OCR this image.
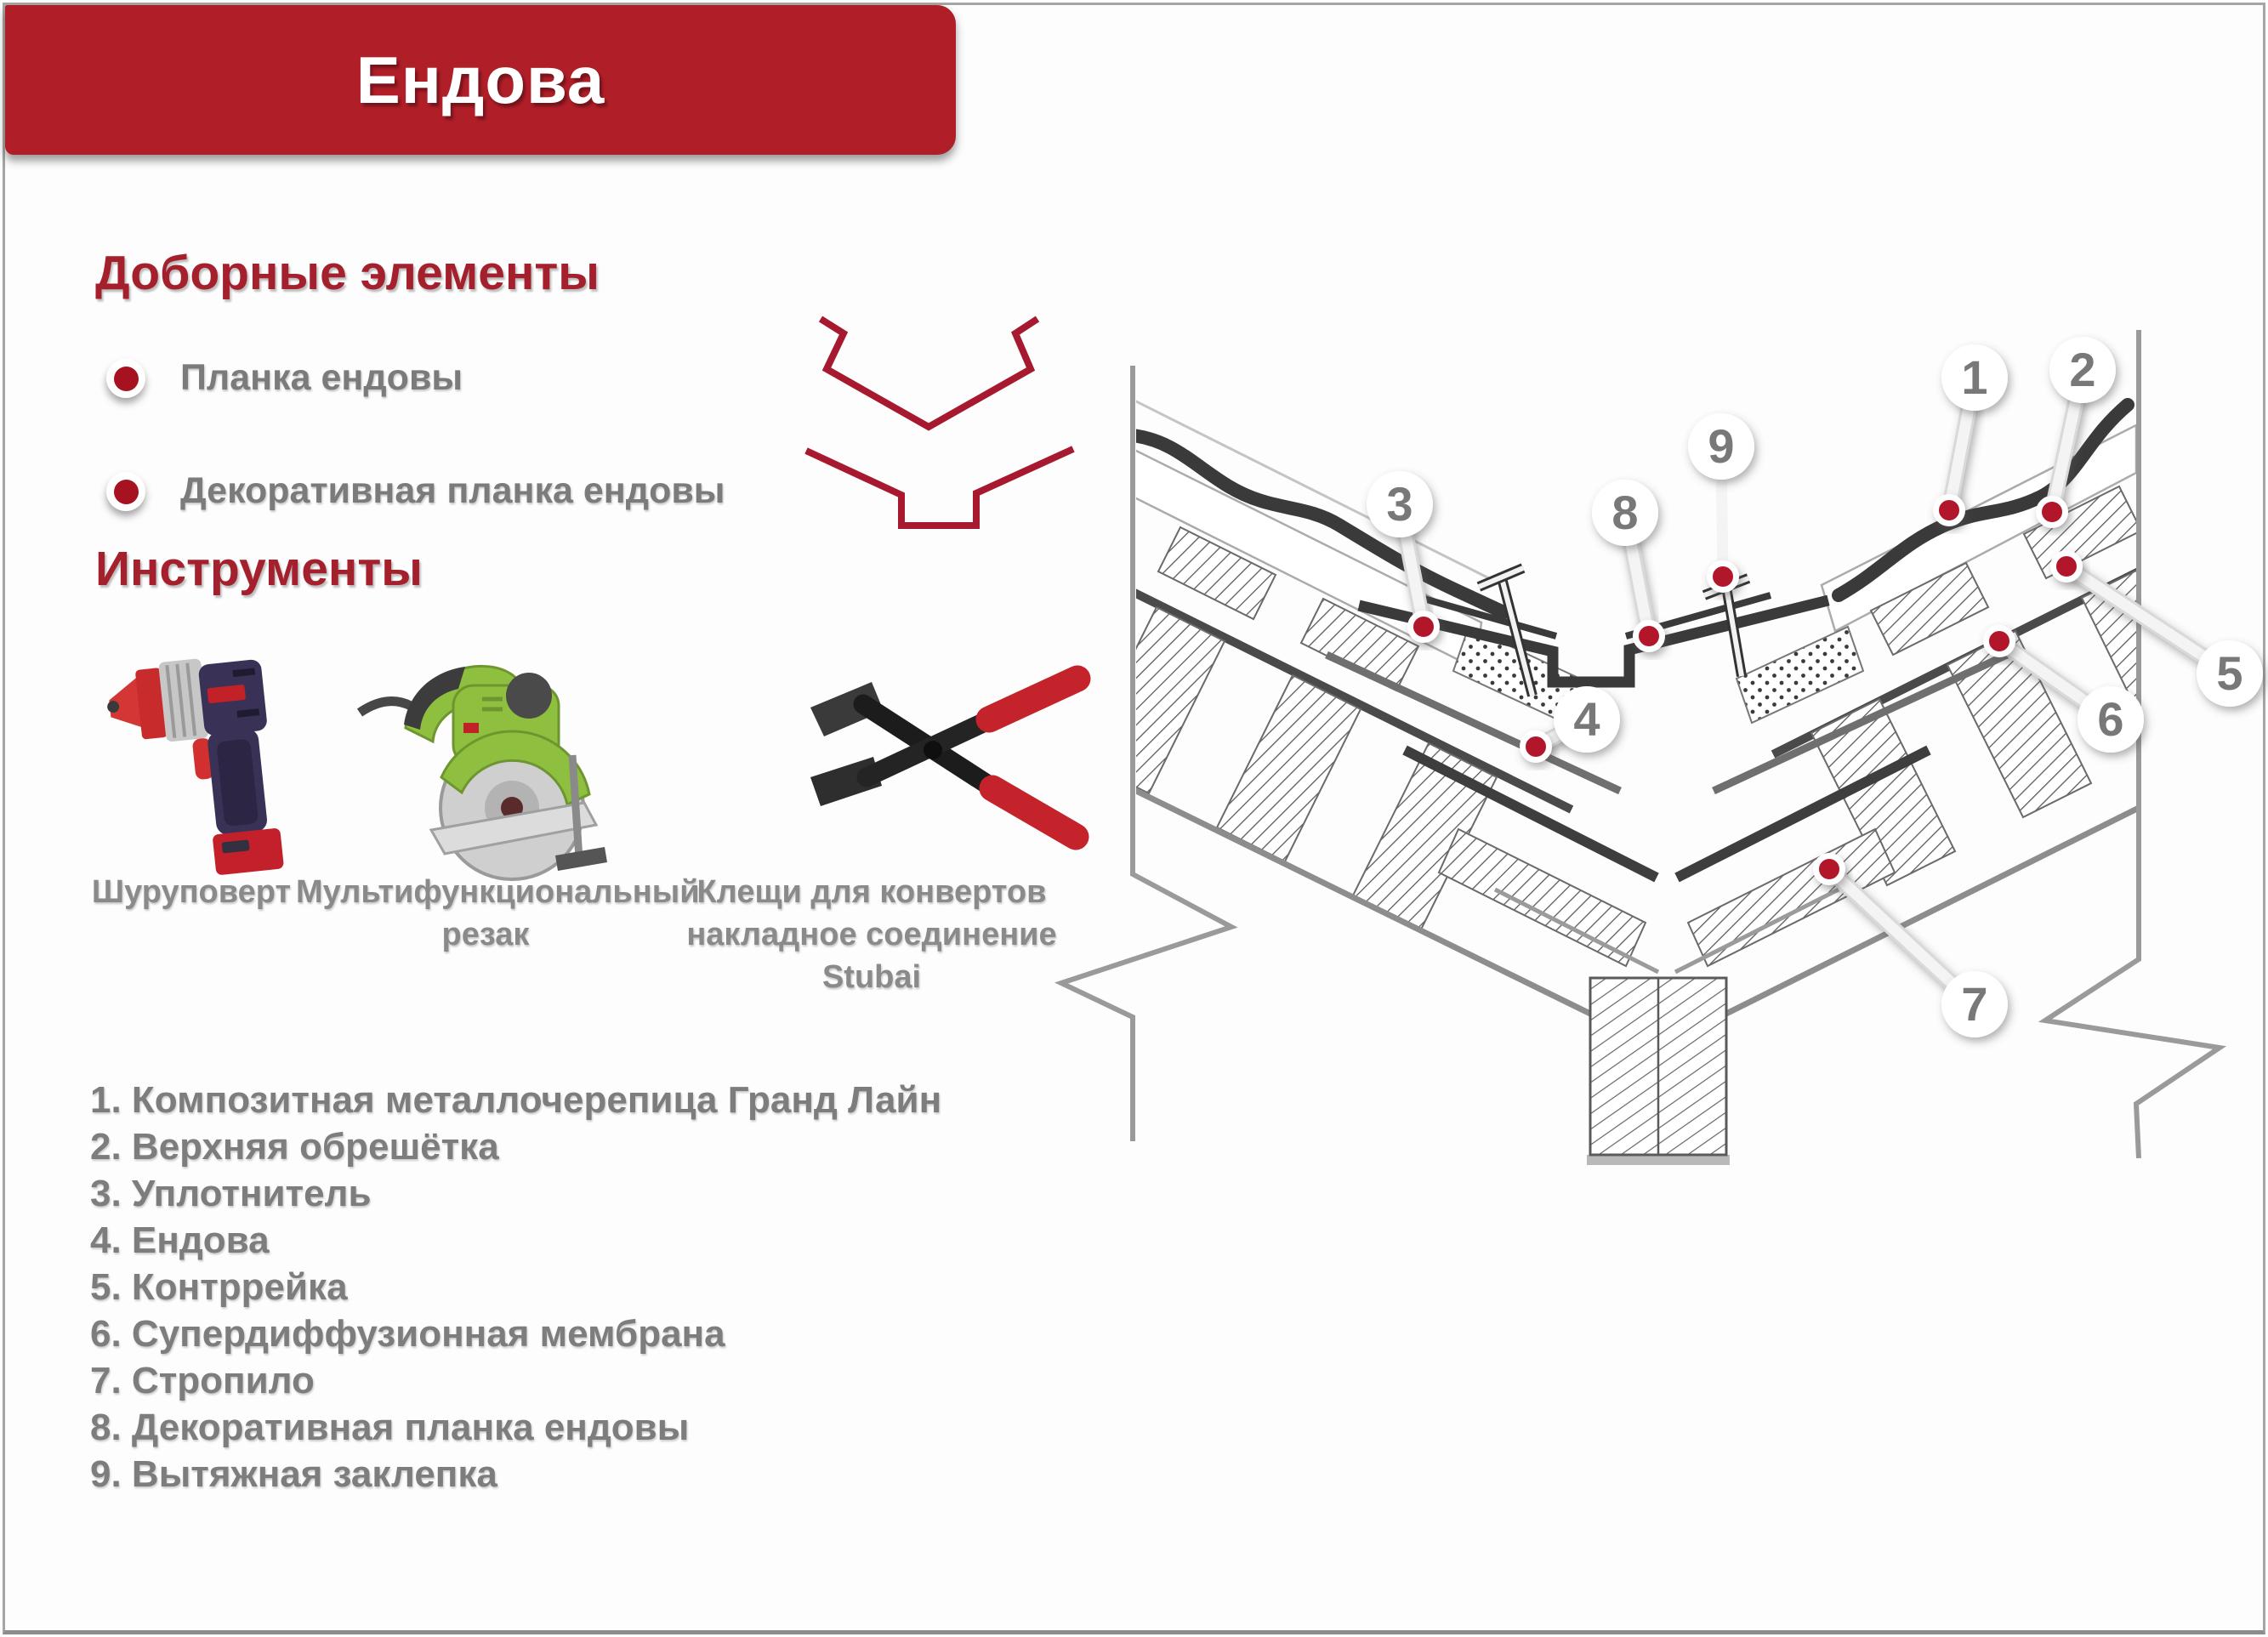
Ендова
Доборные элементы
Планка ендовы
Декоративная планка ендовы
Инструменты
Шуруповерт Мультифункциональный
резак
Клещи для конвертов
накладное соединение
Stubai
1. Композитная металлочерепица Гранд Лайн
2. Верхняя обрешётка
3. Уплотнитель
4. Ендова
5. Контррейка
6. Супердиффузионная мембрана
7. Стропило
8. Декоративная планка ендовы
9. Вытяжная заклепка
1 2
3
4
5
6
7
8
9
